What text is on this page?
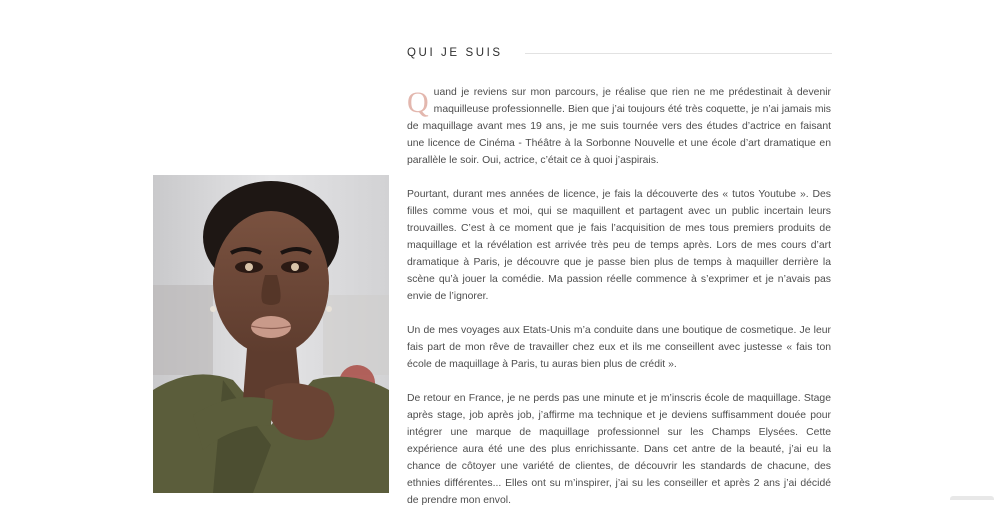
QUI JE SUIS

Quand je reviens sur mon parcours, je réalise que rien ne me prédestinait à devenir maquilleuse professionnelle. Bien que j’ai toujours été très coquette, je n’ai jamais mis de maquillage avant mes 19 ans, je me suis tournée vers des études d’actrice en faisant une licence de Cinéma - Théâtre à la Sorbonne Nouvelle et une école d’art dramatique en parallèle le soir. Oui, actrice, c’était ce à quoi j’aspirais.

Pourtant, durant mes années de licence, je fais la découverte des « tutos Youtube ». Des filles comme vous et moi, qui se maquillent et partagent avec un public incertain leurs trouvailles. C’est à ce moment que je fais l’acquisition de mes tous premiers produits de maquillage et la révélation est arrivée très peu de temps après. Lors de mes cours d’art dramatique à Paris, je découvre que je passe bien plus de temps à maquiller derrière la scène qu’à jouer la comédie. Ma passion réelle commence à s’exprimer et je n’avais pas envie de l’ignorer.

Un de mes voyages aux Etats-Unis m’a conduite dans une boutique de cosmetique. Je leur fais part de mon rêve de travailler chez eux et ils me conseillent avec justesse « fais ton école de maquillage à Paris, tu auras bien plus de crédit ».

De retour en France, je ne perds pas une minute et je m’inscris école de maquillage. Stage après stage, job après job, j’affirme ma technique et je deviens suffisamment douée pour intégrer une marque de maquillage professionnel sur les Champs Elysées. Cette expérience aura été une des plus enrichissante. Dans cet antre de la beauté, j’ai eu la chance de côtoyer une variété de clientes, de découvrir les standards de chacune, des ethnies différentes... Elles ont su m’inspirer, j’ai su les conseiller et après 2 ans j’ai décidé de prendre mon envol.
